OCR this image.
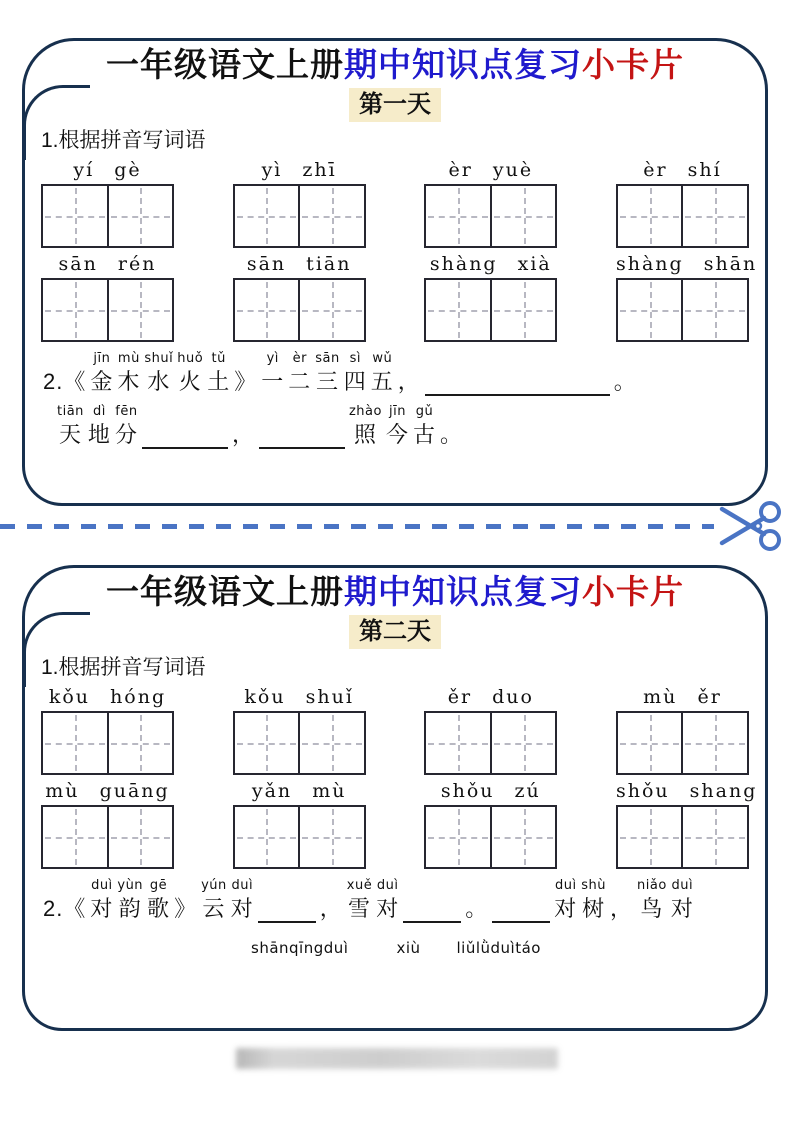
一年级语文上册期中知识点复习小卡片
第一天
1.根据拼音写词语
yí gè	yì zhī	èr yuè	èr shí
sān rén	sān tiān	shàng xià	shàng shān

2.《
jīn
金
mù
木
shuǐ
水
huǒ
火
tǔ
土
》
yì
一
èr
二
sān
三
sì
四
wǔ
五
，
	。
tiān
天
dì
地
fēn
分
	，
zhào
照
jīn
今
gǔ
古
。
一年级语文上册期中知识点复习小卡片
第二天
1.根据拼音写词语
kǒu hóng	kǒu shuǐ	ěr duo	mù ěr
mù guāng	yǎn mù	shǒu zú	shǒu shang

2.《
duì
对
yùn
韵
gē
歌
》
yún
云
duì
对
	，
xuě
雪
duì
对
	。
duì
对
shù
树
，
niǎo
鸟
duì
对
shānqīngduì	xiù liǔlǜduìtáo
